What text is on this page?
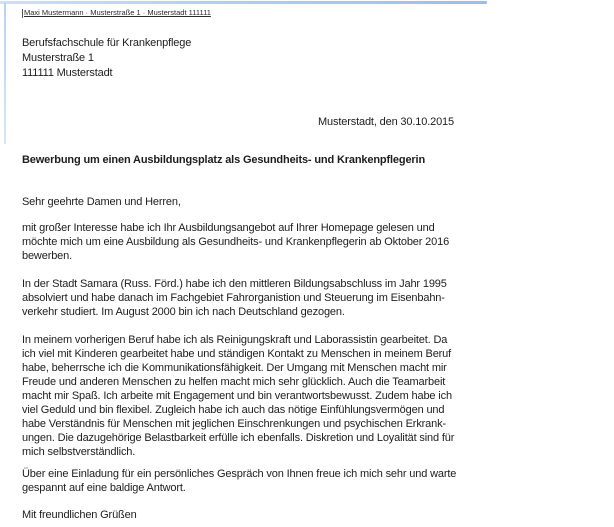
Maxi Mustermann · Musterstraße 1 · Musterstadt 111111
Berufsfachschule für Krankenpflege
Musterstraße 1
111111 Musterstadt
Musterstadt, den 30.10.2015
Bewerbung um einen Ausbildungsplatz als Gesundheits- und Krankenpflegerin
Sehr geehrte Damen und Herren,
mit großer Interesse habe ich Ihr Ausbildungsangebot auf Ihrer Homepage gelesen und
möchte mich um eine Ausbildung als Gesundheits- und Krankenpflegerin ab Oktober 2016
bewerben.
In der Stadt Samara (Russ. Förd.) habe ich den mittleren Bildungsabschluss im Jahr 1995
absolviert und habe danach im Fachgebiet Fahrorganistion und Steuerung im Eisenbahn-
verkehr studiert. Im August 2000 bin ich nach Deutschland gezogen.
In meinem vorherigen Beruf habe ich als Reinigungskraft und Laborassistin gearbeitet. Da
ich viel mit Kinderen gearbeitet habe und ständigen Kontakt zu Menschen in meinem Beruf
habe, beherrsche ich die Kommunikationsfähigkeit. Der Umgang mit Menschen macht mir
Freude und anderen Menschen zu helfen macht mich sehr glücklich. Auch die Teamarbeit
macht mir Spaß. Ich arbeite mit Engagement und bin verantwortsbewusst. Zudem habe ich
viel Geduld und bin flexibel. Zugleich habe ich auch das nötige Einfühlungsvermögen und
habe Verständnis für Menschen mit jeglichen Einschrenkungen und psychischen Erkrank-
ungen. Die dazugehörige Belastbarkeit erfülle ich ebenfalls. Diskretion und Loyalität sind für
mich selbstverständlich.
Über eine Einladung für ein persönliches Gespräch von Ihnen freue ich mich sehr und warte
gespannt auf eine baldige Antwort.
Mit freundlichen Grüßen
